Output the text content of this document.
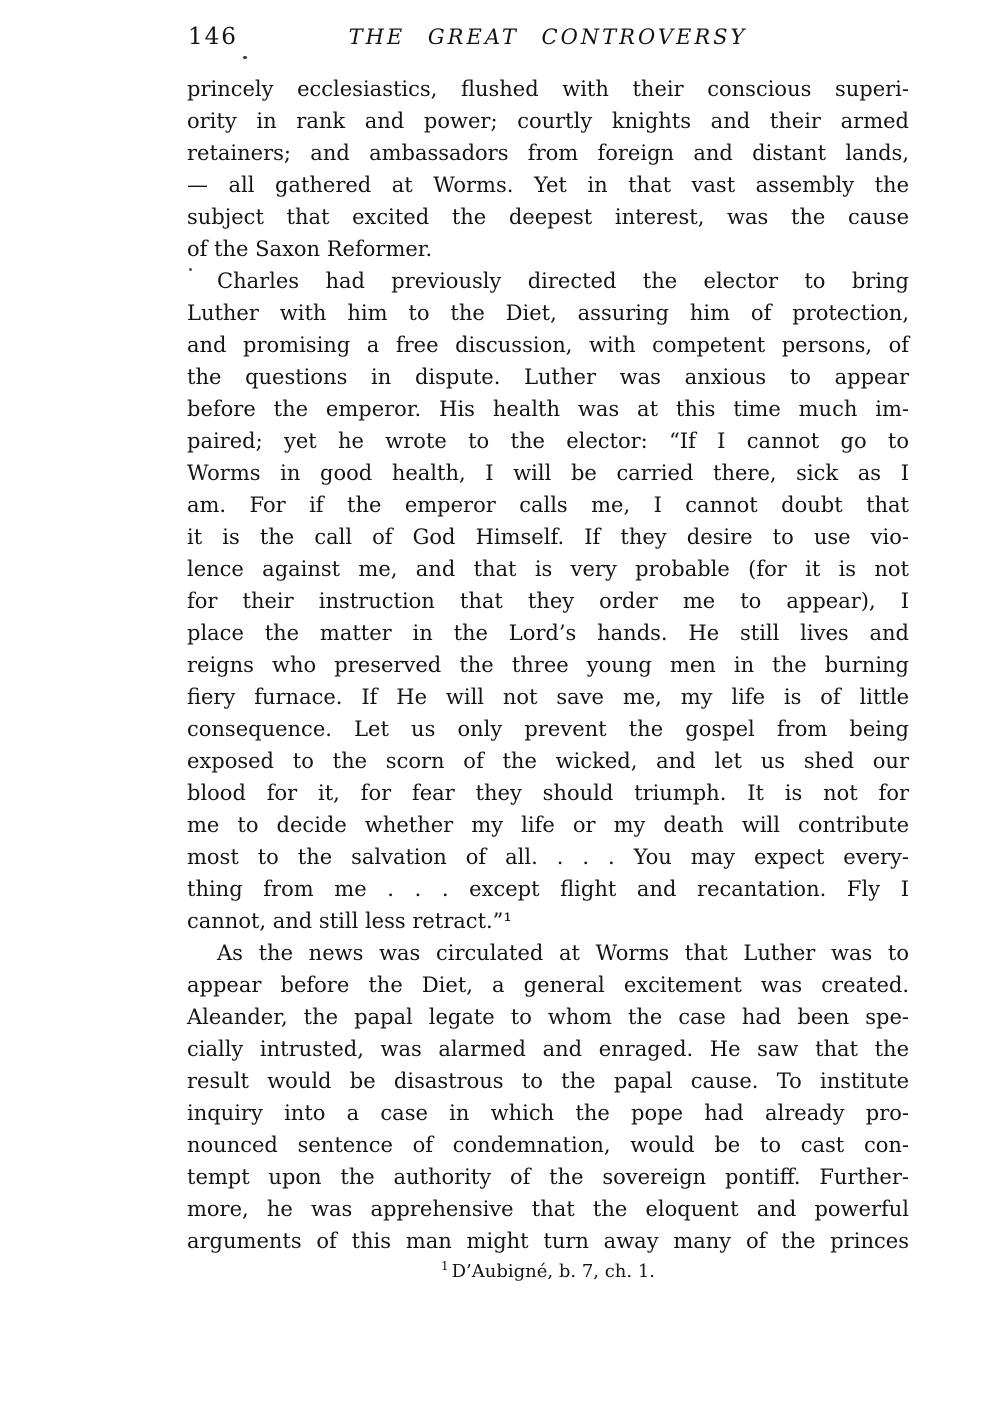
146	THE GREAT CONTROVERSY
princely ecclesiastics, flushed with their conscious superi-
ority in rank and power; courtly knights and their armed
retainers; and ambassadors from foreign and distant lands,
— all gathered at Worms. Yet in that vast assembly the
subject that excited the deepest interest, was the cause
of the Saxon Reformer.
Charles had previously directed the elector to bring
Luther with him to the Diet, assuring him of protection,
and promising a free discussion, with competent persons, of
the questions in dispute. Luther was anxious to appear
before the emperor. His health was at this time much im-
paired; yet he wrote to the elector: “If I cannot go to
Worms in good health, I will be carried there, sick as I
am. For if the emperor calls me, I cannot doubt that
it is the call of God Himself. If they desire to use vio-
lence against me, and that is very probable (for it is not
for their instruction that they order me to appear), I
place the matter in the Lord’s hands. He still lives and
reigns who preserved the three young men in the burning
fiery furnace. If He will not save me, my life is of little
consequence. Let us only prevent the gospel from being
exposed to the scorn of the wicked, and let us shed our
blood for it, for fear they should triumph. It is not for
me to decide whether my life or my death will contribute
most to the salvation of all. . . . You may expect every-
thing from me . . . except flight and recantation. Fly I
cannot, and still less retract.”¹
As the news was circulated at Worms that Luther was to
appear before the Diet, a general excitement was created.
Aleander, the papal legate to whom the case had been spe-
cially intrusted, was alarmed and enraged. He saw that the
result would be disastrous to the papal cause. To institute
inquiry into a case in which the pope had already pro-
nounced sentence of condemnation, would be to cast con-
tempt upon the authority of the sovereign pontiff. Further-
more, he was apprehensive that the eloquent and powerful
arguments of this man might turn away many of the princes
$^1$ D’Aubigné, b. 7, ch. 1.
